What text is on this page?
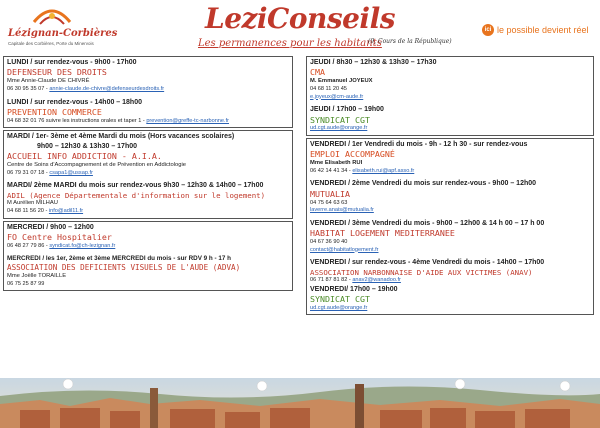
Lézignan-Corbières
Capitale des Corbières, Porte du Minervois
LeziConseils
Les permanences pour les habitants
(9, Cours de la République)
ici le possible devient réel
LUNDI / sur rendez-vous - 9h00 - 17h00
DEFENSEUR DES DROITS
Mme Annie-Claude DE CHIVRÉ
06 30 95 35 07 - annie-claude.de-chivre@defenseurdesdroits.fr
LUNDI / sur rendez-vous - 14h00 – 18h00
PREVENTION COMMERCE
04 68 32 01 76 suivre les instructions orales et taper 1 - prevention@greffe-tc-narbonne.fr
MARDI / 1er- 3ème et 4ème Mardi du mois (Hors vacances scolaires)
9h00 – 12h30 & 13h30 – 17h00
ACCUEIL INFO ADDICTION - A.I.A.
Centre de Soins d'Accompagnement et de Prévention en Addictologie
06 79 31 07 18 - csapa1@ussap.fr
MARDI/ 2ème MARDI du mois sur rendez-vous 9h30 – 12h30 & 14h00 – 17h00
ADIL (Agence Départementale d'information sur le logement)
M Aurélien MILHAU
04 68 11 56 20 - info@adil11.fr
MERCREDI / 9h00 – 12h00
FO Centre Hospitalier
06 48 27 79 86 - syndicat.fo@ch-lezignan.fr
MERCREDI / les 1er, 2ème et 3ème MERCREDI du mois - sur RDV 9 h - 17 h
ASSOCIATION DES DEFICIENTS VISUELS DE L'AUDE (ADVA)
Mme Joëlle TORAILLE
06 75 25 87 99
JEUDI / 8h30 – 12h30 & 13h30 – 17h30
CMA
M. Emmanuel JOYEUX
04 68 11 20 45
e.joyeux@cm-aude.fr
JEUDI / 17h00 – 19h00
SYNDICAT CGT
ud.cgt.aude@orange.fr
VENDREDI / 1er Vendredi du mois - 9h - 12 h 30 - sur rendez-vous
EMPLOI ACCOMPAGNÉ
Mme Elisabeth RUI
06 42 14 41 34 - elisabeth.rui@apf.asso.fr
VENDREDI / 2ème Vendredi du mois sur rendez-vous - 9h00 – 12h00
MUTUALIA
04 75 64 63 63
laverre.anais@mutualia.fr
VENDREDI / 3ème Vendredi du mois - 9h00 – 12h00 & 14 h 00 – 17 h 00
HABITAT LOGEMENT MEDITERRANEE
04 67 36 90 40
contact@habitatlogement.fr
VENDREDI / sur rendez-vous - 4ème Vendredi du mois - 14h00 – 17h00
ASSOCIATION NARBONNAISE D'AIDE AUX VICTIMES (ANAV)
06 71 87 81 82 - anav2@wanadoo.fr
VENDREDI/ 17h00 – 19h00
SYNDICAT CGT
ud.cgt.aude@orange.fr
